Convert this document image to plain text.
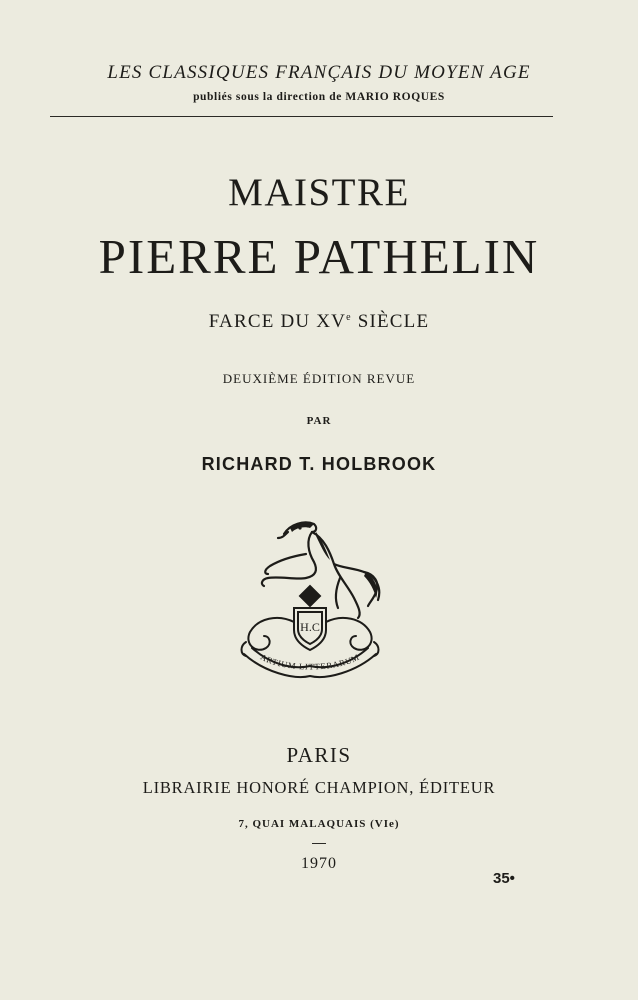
LES CLASSIQUES FRANÇAIS DU MOYEN AGE
publiés sous la direction de MARIO ROQUES
MAISTRE
PIERRE PATHELIN
FARCE DU XVe SIÈCLE
DEUXIÈME ÉDITION REVUE
PAR
RICHARD T. HOLBROOK
H.C
ARTIUM LITTERARUM
PARIS
LIBRAIRIE HONORÉ CHAMPION, ÉDITEUR
7, QUAI MALAQUAIS (VIe)
1970
35•
